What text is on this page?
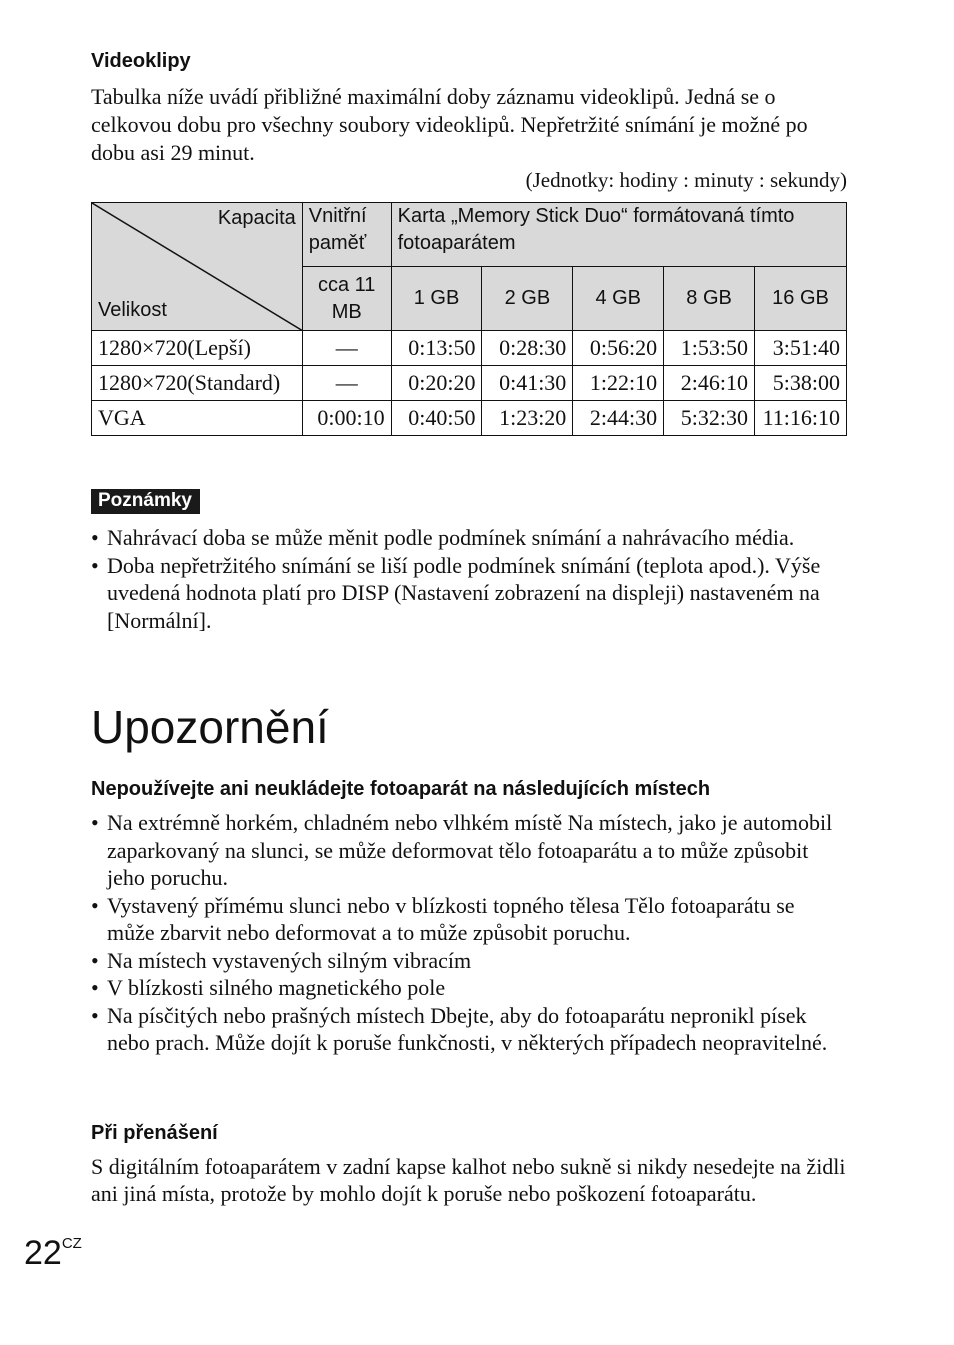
Videoklipy
Tabulka níže uvádí přibližné maximální doby záznamu videoklipů. Jedná se o celkovou dobu pro všechny soubory videoklipů. Nepřetržité snímání je možné po dobu asi 29 minut.
(Jednotky: hodiny : minuty : sekundy)
Kapacita
Velikost	Vnitřní paměť	Karta „Memory Stick Duo“ formátovaná tímto fotoaparátem				
	cca 11 MB	1 GB	2 GB	4 GB	8 GB	16 GB
1280×720(Lepší)	—	0:13:50	0:28:30	0:56:20	1:53:50	3:51:40
1280×720(Standard)	—	0:20:20	0:41:30	1:22:10	2:46:10	5:38:00
VGA	0:00:10	0:40:50	1:23:20	2:44:30	5:32:30	11:16:10
Poznámky
• Nahrávací doba se může měnit podle podmínek snímání a nahrávacího média.
• Doba nepřetržitého snímání se liší podle podmínek snímání (teplota apod.). Výše uvedená hodnota platí pro DISP (Nastavení zobrazení na displeji) nastaveném na [Normální].
Upozornění
Nepoužívejte ani neukládejte fotoaparát na následujících místech
• Na extrémně horkém, chladném nebo vlhkém místě Na místech, jako je automobil zaparkovaný na slunci, se může deformovat tělo fotoaparátu a to může způsobit jeho poruchu.
• Vystavený přímému slunci nebo v blízkosti topného tělesa Tělo fotoaparátu se může zbarvit nebo deformovat a to může způsobit poruchu.
• Na místech vystavených silným vibracím
• V blízkosti silného magnetického pole
• Na písčitých nebo prašných místech Dbejte, aby do fotoaparátu nepronikl písek nebo prach. Může dojít k poruše funkčnosti, v některých případech neopravitelné.
Při přenášení
S digitálním fotoaparátem v zadní kapse kalhot nebo sukně si nikdy nesedejte na židli ani jiná místa, protože by mohlo dojít k poruše nebo poškození fotoaparátu.
$22^{CZ}$
